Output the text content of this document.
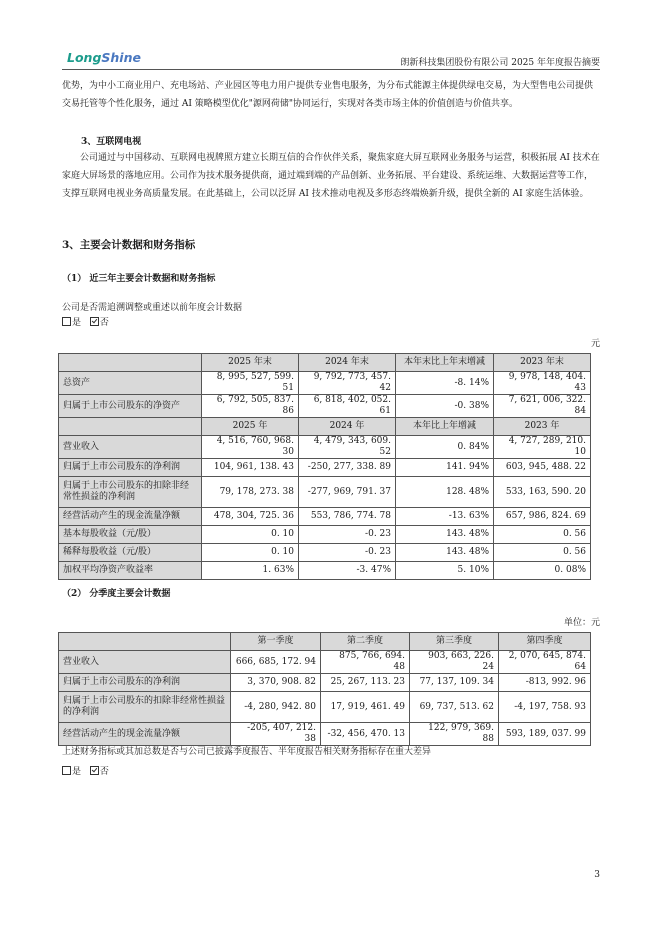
LongShine	朗新科技集团股份有限公司 2025 年年度报告摘要
优势，为中小工商业用户、充电场站、产业园区等电力用户提供专业售电服务，为分布式能源主体提供绿电交易，为大型售电公司提供交易托管等个性化服务，通过 AI 策略模型优化"源网荷储"协同运行，实现对各类市场主体的价值创造与价值共享。
3、互联网电视
公司通过与中国移动、互联网电视牌照方建立长期互信的合作伙伴关系，聚焦家庭大屏互联网业务服务与运营，积极拓展 AI 技术在家庭大屏场景的落地应用。公司作为技术服务提供商，通过端到端的产品创新、业务拓展、平台建设、系统运维、大数据运营等工作，支撑互联网电视业务高质量发展。在此基础上，公司以泛屏 AI 技术推动电视及多形态终端焕新升级，提供全新的 AI 家庭生活体验。
3、主要会计数据和财务指标
（1） 近三年主要会计数据和财务指标
公司是否需追溯调整或重述以前年度会计数据
是 否
元
	2025 年末	2024 年末	本年末比上年末增减	2023 年末
总资产	8, 995, 527, 599. 51	9, 792, 773, 457. 42	-8. 14%	9, 978, 148, 404. 43
归属于上市公司股东的净资产	6, 792, 505, 837. 86	6, 818, 402, 052. 61	-0. 38%	7, 621, 006, 322. 84
	2025 年	2024 年	本年比上年增减	2023 年
营业收入	4, 516, 760, 968. 30	4, 479, 343, 609. 52	0. 84%	4, 727, 289, 210. 10
归属于上市公司股东的净利润	104, 961, 138. 43	-250, 277, 338. 89	141. 94%	603, 945, 488. 22
归属于上市公司股东的扣除非经常性损益的净利润	79, 178, 273. 38	-277, 969, 791. 37	128. 48%	533, 163, 590. 20
经营活动产生的现金流量净额	478, 304, 725. 36	553, 786, 774. 78	-13. 63%	657, 986, 824. 69
基本每股收益（元/股）	0. 10	-0. 23	143. 48%	0. 56
稀释每股收益（元/股）	0. 10	-0. 23	143. 48%	0. 56
加权平均净资产收益率	1. 63%	-3. 47%	5. 10%	0. 08%
（2） 分季度主要会计数据
单位：元
	第一季度	第二季度	第三季度	第四季度
营业收入	666, 685, 172. 94	875, 766, 694. 48	903, 663, 226. 24	2, 070, 645, 874. 64
归属于上市公司股东的净利润	3, 370, 908. 82	25, 267, 113. 23	77, 137, 109. 34	-813, 992. 96
归属于上市公司股东的扣除非经常性损益的净利润	-4, 280, 942. 80	17, 919, 461. 49	69, 737, 513. 62	-4, 197, 758. 93
经营活动产生的现金流量净额	-205, 407, 212. 38	-32, 456, 470. 13	122, 979, 369. 88	593, 189, 037. 99
上述财务指标或其加总数是否与公司已披露季度报告、半年度报告相关财务指标存在重大差异
是 否
3
